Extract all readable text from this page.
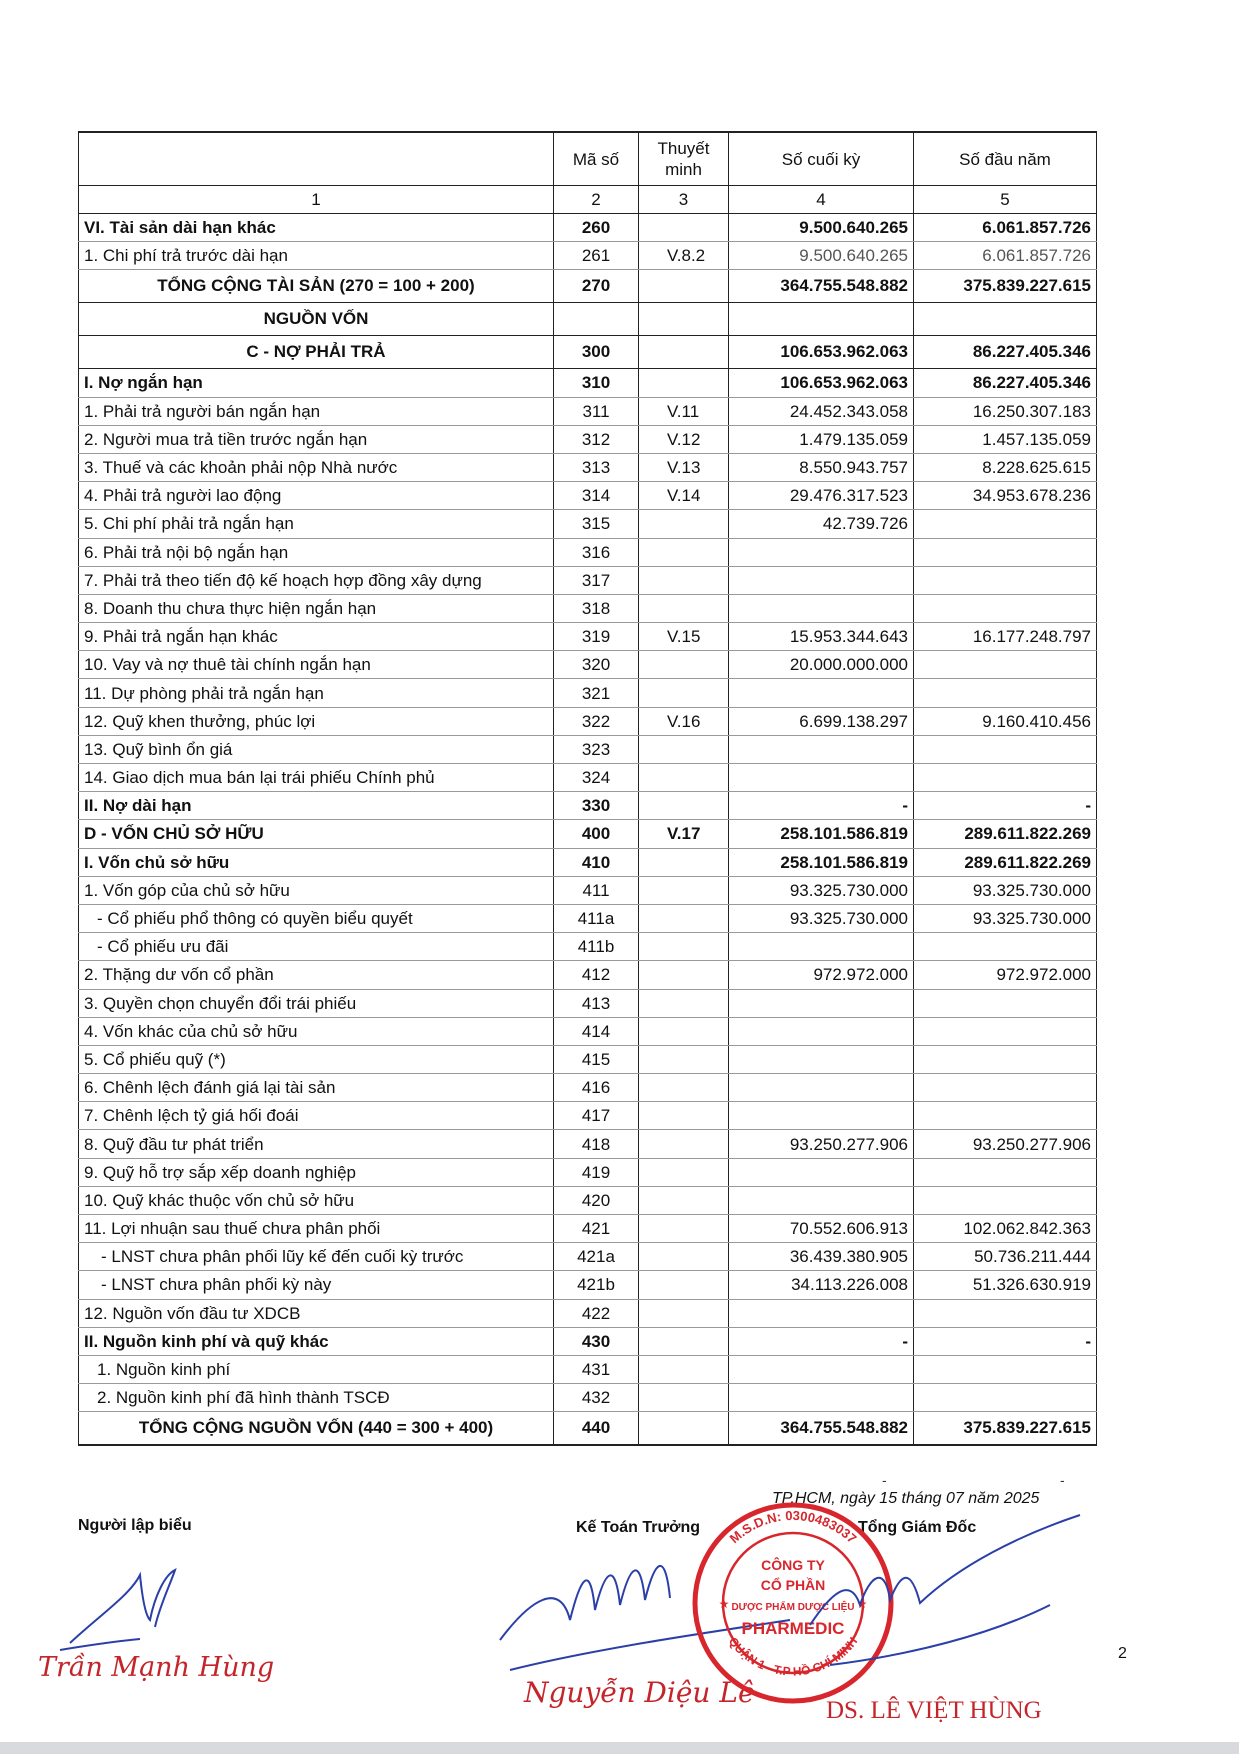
	Mã số	Thuyết minh	Số cuối kỳ	Số đầu năm
1	2	3	4	5
VI. Tài sản dài hạn khác	260		9.500.640.265	6.061.857.726
1. Chi phí trả trước dài hạn	261	V.8.2	9.500.640.265	6.061.857.726
TỔNG CỘNG TÀI SẢN (270 = 100 + 200)	270		364.755.548.882	375.839.227.615
NGUỒN VỐN				
C - NỢ PHẢI TRẢ	300		106.653.962.063	86.227.405.346
I. Nợ ngắn hạn	310		106.653.962.063	86.227.405.346
1. Phải trả người bán ngắn hạn	311	V.11	24.452.343.058	16.250.307.183
2. Người mua trả tiền trước ngắn hạn	312	V.12	1.479.135.059	1.457.135.059
3. Thuế và các khoản phải nộp Nhà nước	313	V.13	8.550.943.757	8.228.625.615
4. Phải trả người lao động	314	V.14	29.476.317.523	34.953.678.236
5. Chi phí phải trả ngắn hạn	315		42.739.726	
6. Phải trả nội bộ ngắn hạn	316			
7. Phải trả theo tiến độ kế hoạch hợp đồng xây dựng	317			
8. Doanh thu chưa thực hiện ngắn hạn	318			
9. Phải trả ngắn hạn khác	319	V.15	15.953.344.643	16.177.248.797
10. Vay và nợ thuê tài chính ngắn hạn	320		20.000.000.000	
11. Dự phòng phải trả ngắn hạn	321			
12. Quỹ khen thưởng, phúc lợi	322	V.16	6.699.138.297	9.160.410.456
13. Quỹ bình ổn giá	323			
14. Giao dịch mua bán lại trái phiếu Chính phủ	324			
II. Nợ dài hạn	330		-	-
D - VỐN CHỦ SỞ HỮU	400	V.17	258.101.586.819	289.611.822.269
I. Vốn chủ sở hữu	410		258.101.586.819	289.611.822.269
1. Vốn góp của chủ sở hữu	411		93.325.730.000	93.325.730.000
- Cổ phiếu phổ thông có quyền biểu quyết	411a		93.325.730.000	93.325.730.000
- Cổ phiếu ưu đãi	411b			
2. Thặng dư vốn cổ phần	412		972.972.000	972.972.000
3. Quyền chọn chuyển đổi trái phiếu	413			
4. Vốn khác của chủ sở hữu	414			
5. Cổ phiếu quỹ (*)	415			
6. Chênh lệch đánh giá lại tài sản	416			
7. Chênh lệch tỷ giá hối đoái	417			
8. Quỹ đầu tư phát triển	418		93.250.277.906	93.250.277.906
9. Quỹ hỗ trợ sắp xếp doanh nghiệp	419			
10. Quỹ khác thuộc vốn chủ sở hữu	420			
11. Lợi nhuận sau thuế chưa phân phối	421		70.552.606.913	102.062.842.363
- LNST chưa phân phối lũy kế đến cuối kỳ trước	421a		36.439.380.905	50.736.211.444
- LNST chưa phân phối kỳ này	421b		34.113.226.008	51.326.630.919
12. Nguồn vốn đầu tư XDCB	422			
II. Nguồn kinh phí và quỹ khác	430		-	-
1. Nguồn kinh phí	431			
2. Nguồn kinh phí đã hình thành TSCĐ	432			
TỔNG CỘNG NGUỒN VỐN (440 = 300 + 400)	440		364.755.548.882	375.839.227.615
-	-
TP.HCM, ngày 15 tháng 07 năm 2025
Người lập biểu	Kế Toán Trưởng	Tổng Giám Đốc
Trần Mạnh Hùng
Nguyễn Diệu Lê
M.S.D.N: 0300483037
QUẬN 1 - T.P HỒ CHÍ MINH
CÔNG TY
CỔ PHẦN
DƯỢC PHẨM DƯỢC LIỆU
PHARMEDIC
★	★
DS. LÊ VIỆT HÙNG
2
